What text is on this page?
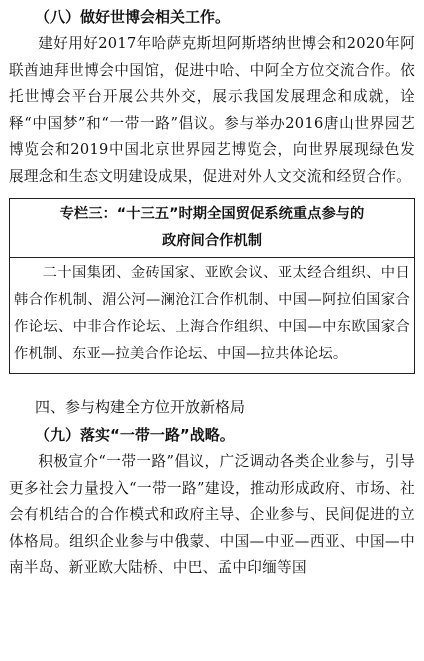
（八）做好世博会相关工作。

建好用好2017年哈萨克斯坦阿斯塔纳世博会和2020年阿联酋迪拜世博会中国馆，促进中哈、中阿全方位交流合作。依托世博会平台开展公共外交，展示我国发展理念和成就，诠释“中国梦”和“一带一路”倡议。参与举办2016唐山世界园艺博览会和2019中国北京世界园艺博览会，向世界展现绿色发展理念和生态文明建设成果，促进对外人文交流和经贸合作。

专栏三：“十三五”时期全国贸促系统重点参与的
政府间合作机制

二十国集团、金砖国家、亚欧会议、亚太经合组织、中日韩合作机制、湄公河—澜沧江合作机制、中国—阿拉伯国家合作论坛、中非合作论坛、上海合作组织、中国—中东欧国家合作机制、东亚—拉美合作论坛、中国—拉共体论坛。

四、参与构建全方位开放新格局
（九）落实“一带一路”战略。

积极宣介“一带一路”倡议，广泛调动各类企业参与，引导更多社会力量投入“一带一路”建设，推动形成政府、市场、社会有机结合的合作模式和政府主导、企业参与、民间促进的立体格局。组织企业参与中俄蒙、中国—中亚—西亚、中国—中南半岛、新亚欧大陆桥、中巴、孟中印缅等国
